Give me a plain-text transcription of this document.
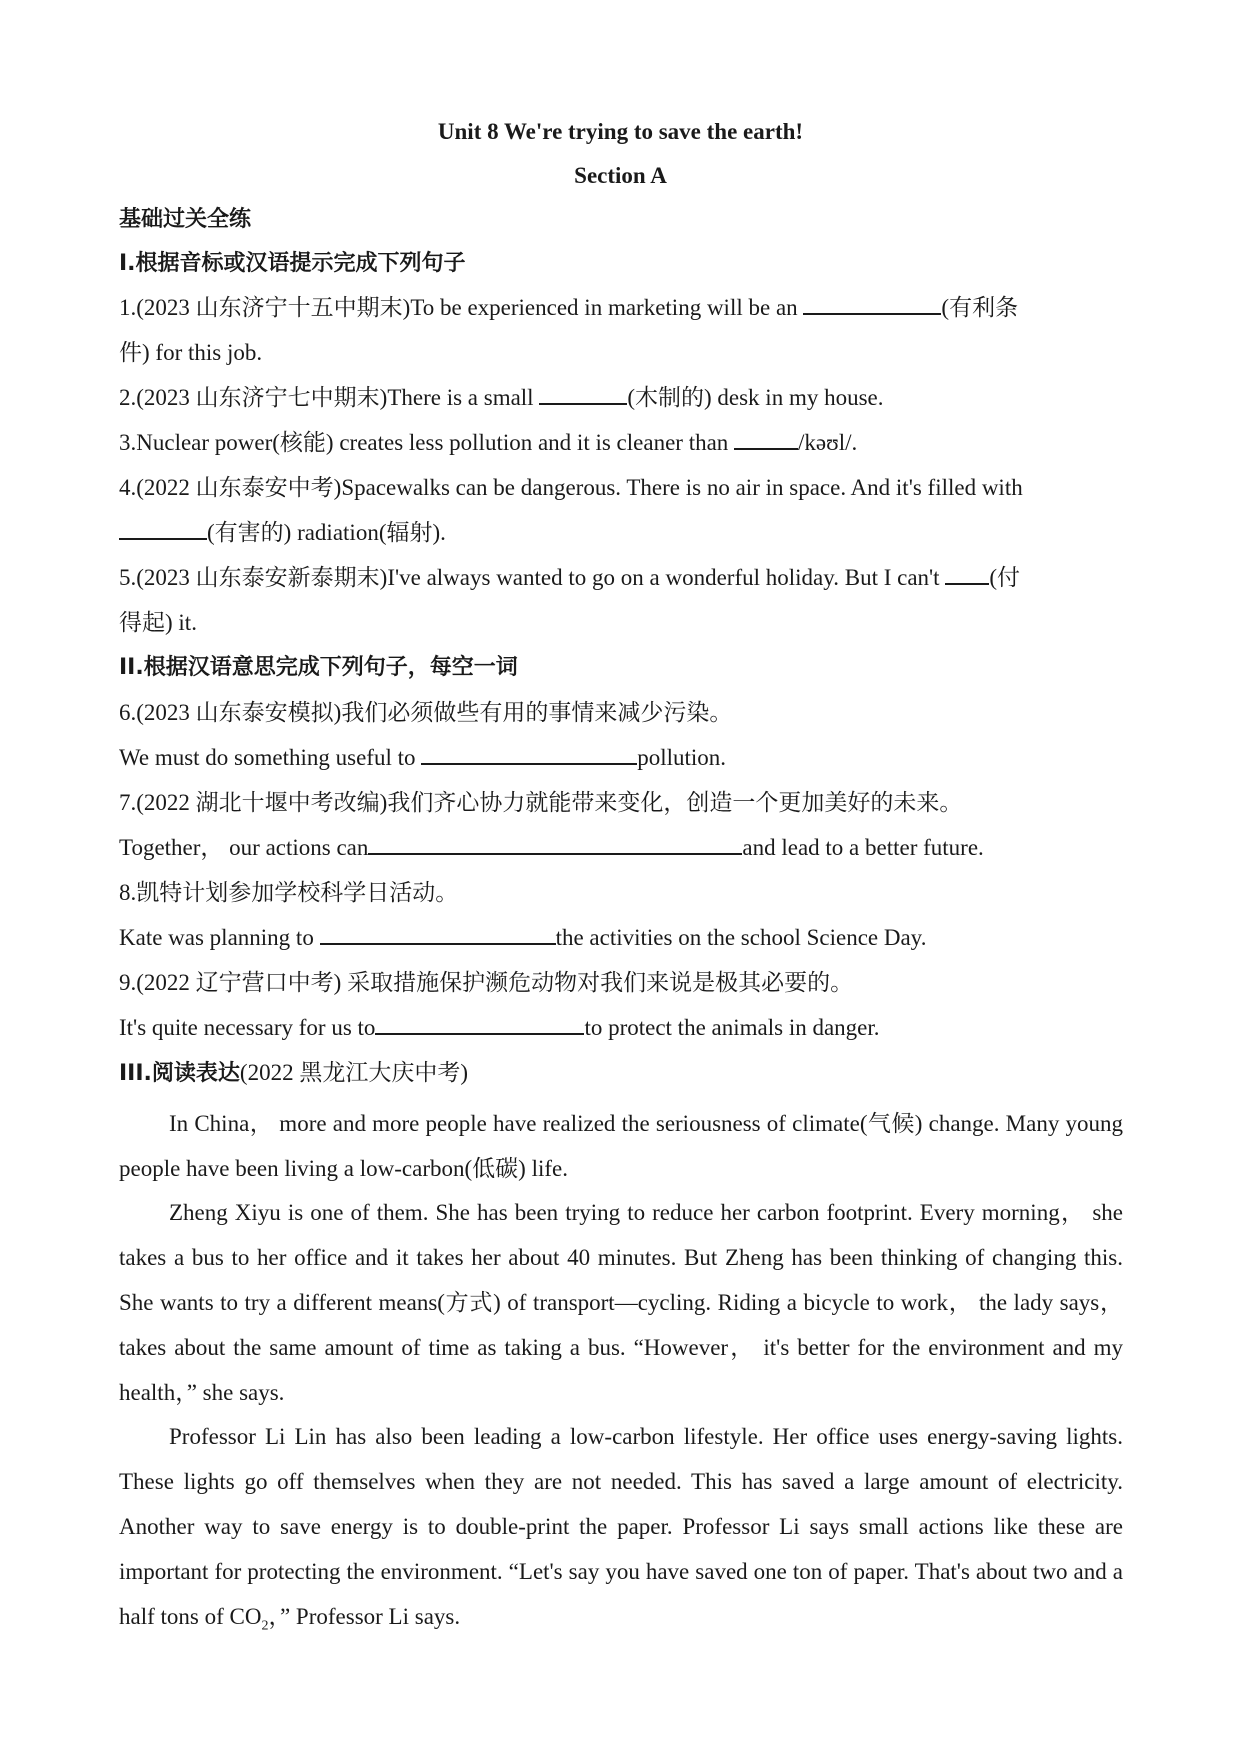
Unit 8 We're trying to save the earth!
Section A
基础过关全练
I.根据音标或汉语提示完成下列句子
1.(2023 山东济宁十五中期末)To be experienced in marketing will be an	(有利条
件) for this job.
2.(2023 山东济宁七中期末)There is a small	(木制的) desk in my house.
3.Nuclear power(核能) creates less pollution and it is cleaner than	/kəʊl/.
4.(2022 山东泰安中考)Spacewalks can be dangerous. There is no air in space. And it's filled with
(有害的) radiation(辐射).
5.(2023 山东泰安新泰期末)I've always wanted to go on a wonderful holiday. But I can't (付
得起) it.
II.根据汉语意思完成下列句子，每空一词
6.(2023 山东泰安模拟)我们必须做些有用的事情来减少污染。
We must do something useful to	pollution.
7.(2022 湖北十堰中考改编)我们齐心协力就能带来变化，创造一个更加美好的未来。
Together， our actions can	and lead to a better future.
8.凯特计划参加学校科学日活动。
Kate was planning to	the activities on the school Science Day.
9.(2022 辽宁营口中考) 采取措施保护濒危动物对我们来说是极其必要的。
It's quite necessary for us to	to protect the animals in danger.
III.阅读表达(2022 黑龙江大庆中考)
In China， more and more people have realized the seriousness of climate(气候) change. Many young people have been living a low-carbon(低碳) life.
Zheng Xiyu is one of them. She has been trying to reduce her carbon footprint. Every morning， she takes a bus to her office and it takes her about 40 minutes. But Zheng has been thinking of changing this. She wants to try a different means(方式) of transport—cycling. Riding a bicycle to work， the lady says， takes about the same amount of time as taking a bus. “However， it's better for the environment and my health，” she says.
Professor Li Lin has also been leading a low-carbon lifestyle. Her office uses energy-saving lights. These lights go off themselves when they are not needed. This has saved a large amount of electricity. Another way to save energy is to double-print the paper. Professor Li says small actions like these are important for protecting the environment. “Let's say you have saved one ton of paper. That's about two and a half tons of $CO_2$，” Professor Li says.
